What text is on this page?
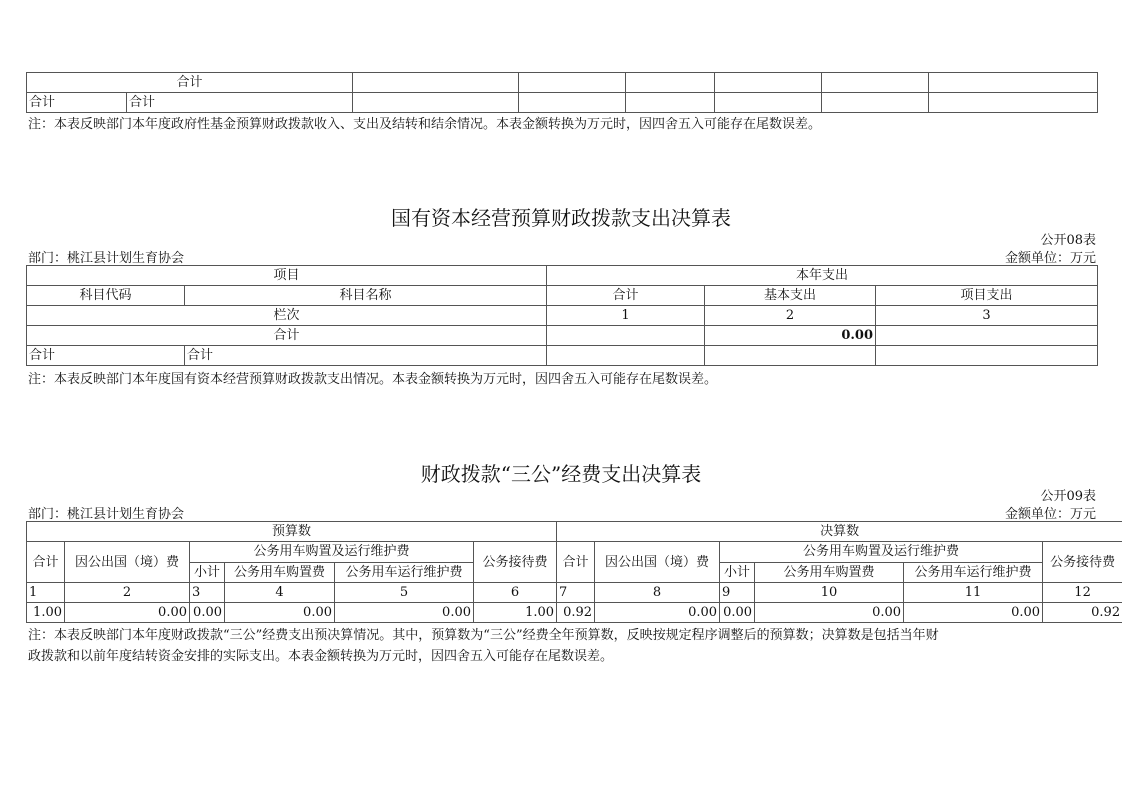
合计							
合计	合计						
注：本表反映部门本年度政府性基金预算财政拨款收入、支出及结转和结余情况。本表金额转换为万元时，因四舍五入可能存在尾数误差。
国有资本经营预算财政拨款支出决算表
公开08表
部门：桃江县计划生育协会	金额单位：万元
项目		本年支出		
科目代码	科目名称	合计	基本支出	项目支出
栏次		1	2	3
合计			0.00	
合计	合计			
注：本表反映部门本年度国有资本经营预算财政拨款支出情况。本表金额转换为万元时，因四舍五入可能存在尾数误差。
财政拨款“三公”经费支出决算表
公开09表
部门：桃江县计划生育协会	金额单位：万元
预算数						决算数					
合计	因公出国（境）费	公务用车购置及运行维护费			公务接待费	合计	因公出国（境）费	公务用车购置及运行维护费			公务接待费
		小计	公务用车购置费	公务用车运行维护费				小计	公务用车购置费	公务用车运行维护费	
1	2	3	4	5	6	7	8	9	10	11	12
1.00	0.00	0.00	0.00	0.00	1.00	0.92	0.00	0.00	0.00	0.00	0.92
注：本表反映部门本年度财政拨款“三公”经费支出预决算情况。其中，预算数为“三公”经费全年预算数，反映按规定程序调整后的预算数；决算数是包括当年财
政拨款和以前年度结转资金安排的实际支出。本表金额转换为万元时，因四舍五入可能存在尾数误差。
